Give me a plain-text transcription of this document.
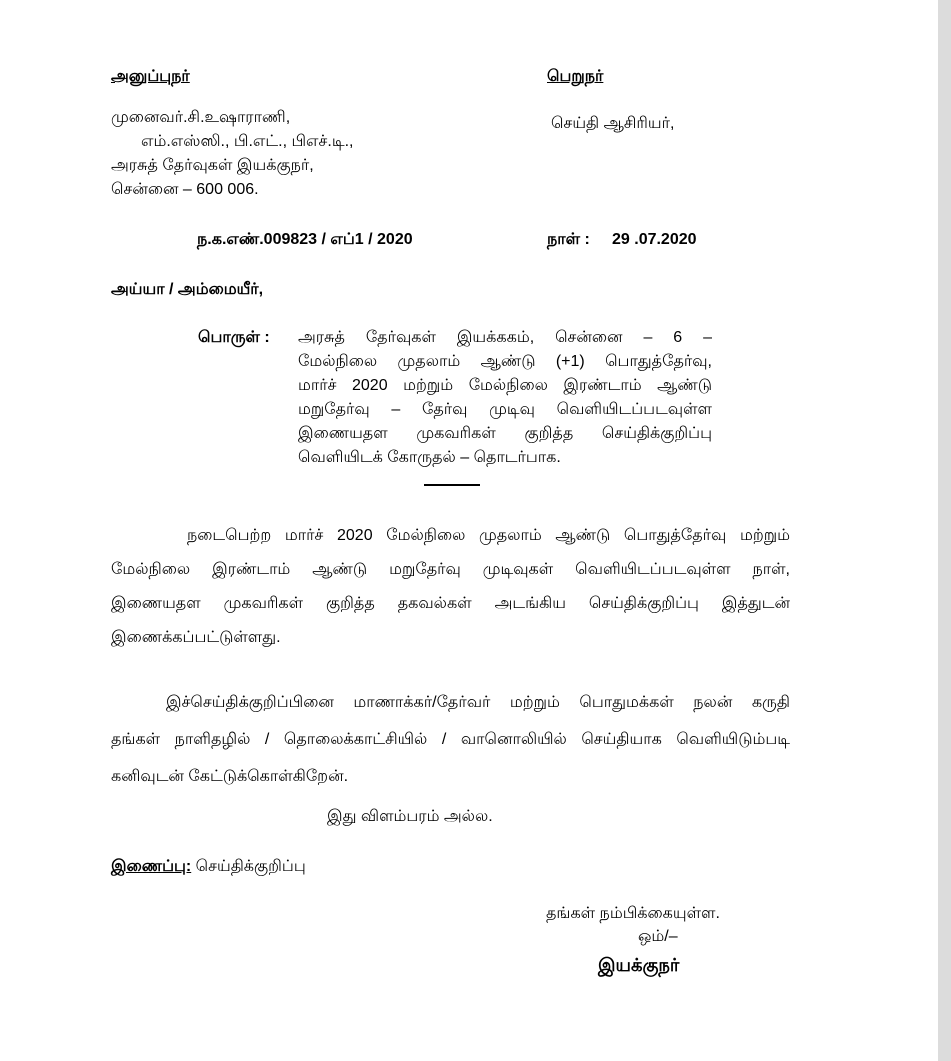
அனுப்புநர்
முனைவர்.சி.உஷாராணி,
எம்.எஸ்ஸி., பி.எட்., பிஎச்.டி.,
அரசுத் தேர்வுகள் இயக்குநர்,
சென்னை – 600 006.
பெறுநர்
செய்தி ஆசிரியர்,
ந.க.எண்.009823 / எப்1 / 2020	நாள் : 29 .07.2020
அய்யா / அம்மையீர்,
பொருள் : அரசுத் தேர்வுகள் இயக்ககம், சென்னை – 6 –
மேல்நிலை முதலாம் ஆண்டு (+1) பொதுத்தேர்வு,
மார்ச் 2020 மற்றும் மேல்நிலை இரண்டாம் ஆண்டு
மறுதேர்வு – தேர்வு முடிவு வெளியிடப்படவுள்ள
இணையதள முகவரிகள் குறித்த செய்திக்குறிப்பு
வெளியிடக் கோருதல் – தொடர்பாக.
நடைபெற்ற மார்ச் 2020 மேல்நிலை முதலாம் ஆண்டு பொதுத்தேர்வு மற்றும்
மேல்நிலை இரண்டாம் ஆண்டு மறுதேர்வு முடிவுகள் வெளியிடப்படவுள்ள நாள்,
இணையதள முகவரிகள் குறித்த தகவல்கள் அடங்கிய செய்திக்குறிப்பு இத்துடன்
இணைக்கப்பட்டுள்ளது.
இச்செய்திக்குறிப்பினை மாணாக்கர்/தேர்வர் மற்றும் பொதுமக்கள் நலன் கருதி
தங்கள் நாளிதழில் / தொலைக்காட்சியில் / வானொலியில் செய்தியாக வெளியிடும்படி
கனிவுடன் கேட்டுக்கொள்கிறேன்.
இது விளம்பரம் அல்ல.
இணைப்பு: செய்திக்குறிப்பு
தங்கள் நம்பிக்கையுள்ள.
ஒம்/–
இயக்குநர்
